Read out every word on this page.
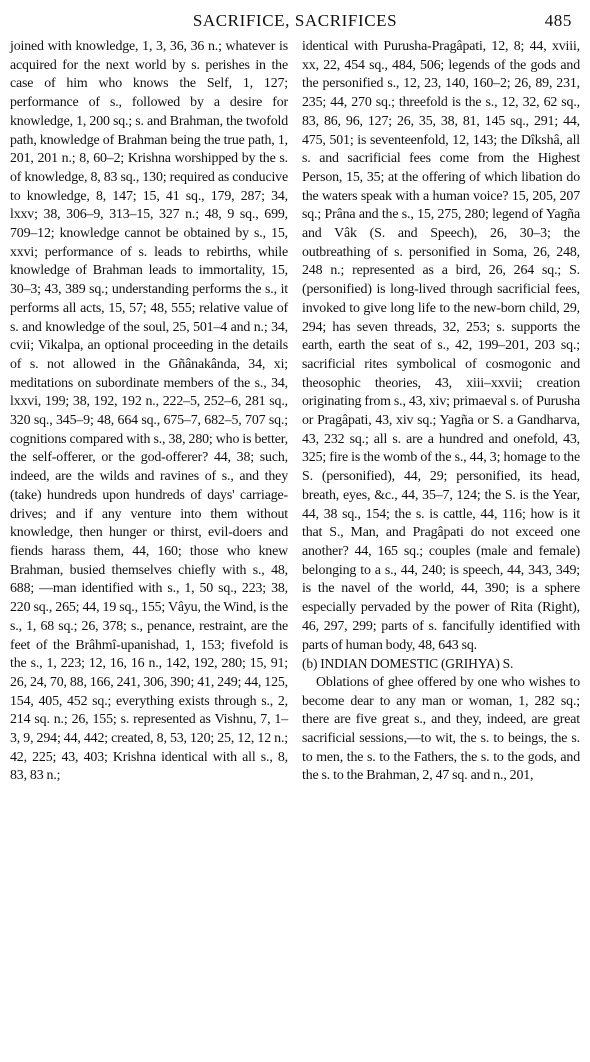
SACRIFICE, SACRIFICES	485

joined with knowledge, 1, 3, 36, 36 n.; whatever is acquired for the next world by s. perishes in the case of him who knows the Self, 1, 127; performance of s., followed by a desire for knowledge, 1, 200 sq.; s. and Brahman, the twofold path, knowledge of Brahman being the true path, 1, 201, 201 n.; 8, 60–2; Krishna worshipped by the s. of knowledge, 8, 83 sq., 130; required as conducive to knowledge, 8, 147; 15, 41 sq., 179, 287; 34, lxxv; 38, 306–9, 313–15, 327 n.; 48, 9 sq., 699, 709–12; knowledge cannot be obtained by s., 15, xxvi; performance of s. leads to rebirths, while knowledge of Brahman leads to immortality, 15, 30–3; 43, 389 sq.; understanding performs the s., it performs all acts, 15, 57; 48, 555; relative value of s. and knowledge of the soul, 25, 501–4 and n.; 34, cvii; Vikalpa, an optional proceeding in the details of s. not allowed in the Gñânakânda, 34, xi; meditations on subordinate members of the s., 34, lxxvi, 199; 38, 192, 192 n., 222–5, 252–6, 281 sq., 320 sq., 345–9; 48, 664 sq., 675–7, 682–5, 707 sq.; cognitions compared with s., 38, 280; who is better, the self-offerer, or the god-offerer? 44, 38; such, indeed, are the wilds and ravines of s., and they (take) hundreds upon hundreds of days' carriage-drives; and if any venture into them without knowledge, then hunger or thirst, evil-doers and fiends harass them, 44, 160; those who knew Brahman, busied themselves chiefly with s., 48, 688; —man identified with s., 1, 50 sq., 223; 38, 220 sq., 265; 44, 19 sq., 155; Vâyu, the Wind, is the s., 1, 68 sq.; 26, 378; s., penance, restraint, are the feet of the Brâhmî-upanishad, 1, 153; fivefold is the s., 1, 223; 12, 16, 16 n., 142, 192, 280; 15, 91; 26, 24, 70, 88, 166, 241, 306, 390; 41, 249; 44, 125, 154, 405, 452 sq.; everything exists through s., 2, 214 sq. n.; 26, 155; s. represented as Vishnu, 7, 1–3, 9, 294; 44, 442; created, 8, 53, 120; 25, 12, 12 n.; 42, 225; 43, 403; Krishna identical with all s., 8, 83, 83 n.;

identical with Purusha-Pragâpati, 12, 8; 44, xviii, xx, 22, 454 sq., 484, 506; legends of the gods and the personified s., 12, 23, 140, 160–2; 26, 89, 231, 235; 44, 270 sq.; threefold is the s., 12, 32, 62 sq., 83, 86, 96, 127; 26, 35, 38, 81, 145 sq., 291; 44, 475, 501; is seventeenfold, 12, 143; the Dîkshâ, all s. and sacrificial fees come from the Highest Person, 15, 35; at the offering of which libation do the waters speak with a human voice? 15, 205, 207 sq.; Prâna and the s., 15, 275, 280; legend of Yagña and Vâk (S. and Speech), 26, 30–3; the outbreathing of s. personified in Soma, 26, 248, 248 n.; represented as a bird, 26, 264 sq.; S. (personified) is long-lived through sacrificial fees, invoked to give long life to the new-born child, 29, 294; has seven threads, 32, 253; s. supports the earth, earth the seat of s., 42, 199–201, 203 sq.; sacrificial rites symbolical of cosmogonic and theosophic theories, 43, xiii–xxvii; creation originating from s., 43, xiv; primaeval s. of Purusha or Pragâpati, 43, xiv sq.; Yagña or S. a Gandharva, 43, 232 sq.; all s. are a hundred and onefold, 43, 325; fire is the womb of the s., 44, 3; homage to the S. (personified), 44, 29; personified, its head, breath, eyes, &c., 44, 35–7, 124; the S. is the Year, 44, 38 sq., 154; the s. is cattle, 44, 116; how is it that S., Man, and Pragâpati do not exceed one another? 44, 165 sq.; couples (male and female) belonging to a s., 44, 240; is speech, 44, 343, 349; is the navel of the world, 44, 390; is a sphere especially pervaded by the power of Rita (Right), 46, 297, 299; parts of s. fancifully identified with parts of human body, 48, 643 sq.

(b) INDIAN DOMESTIC (GRIHYA) S.

Oblations of ghee offered by one who wishes to become dear to any man or woman, 1, 282 sq.; there are five great s., and they, indeed, are great sacrificial sessions,—to wit, the s. to beings, the s. to men, the s. to the Fathers, the s. to the gods, and the s. to the Brahman, 2, 47 sq. and n., 201,
